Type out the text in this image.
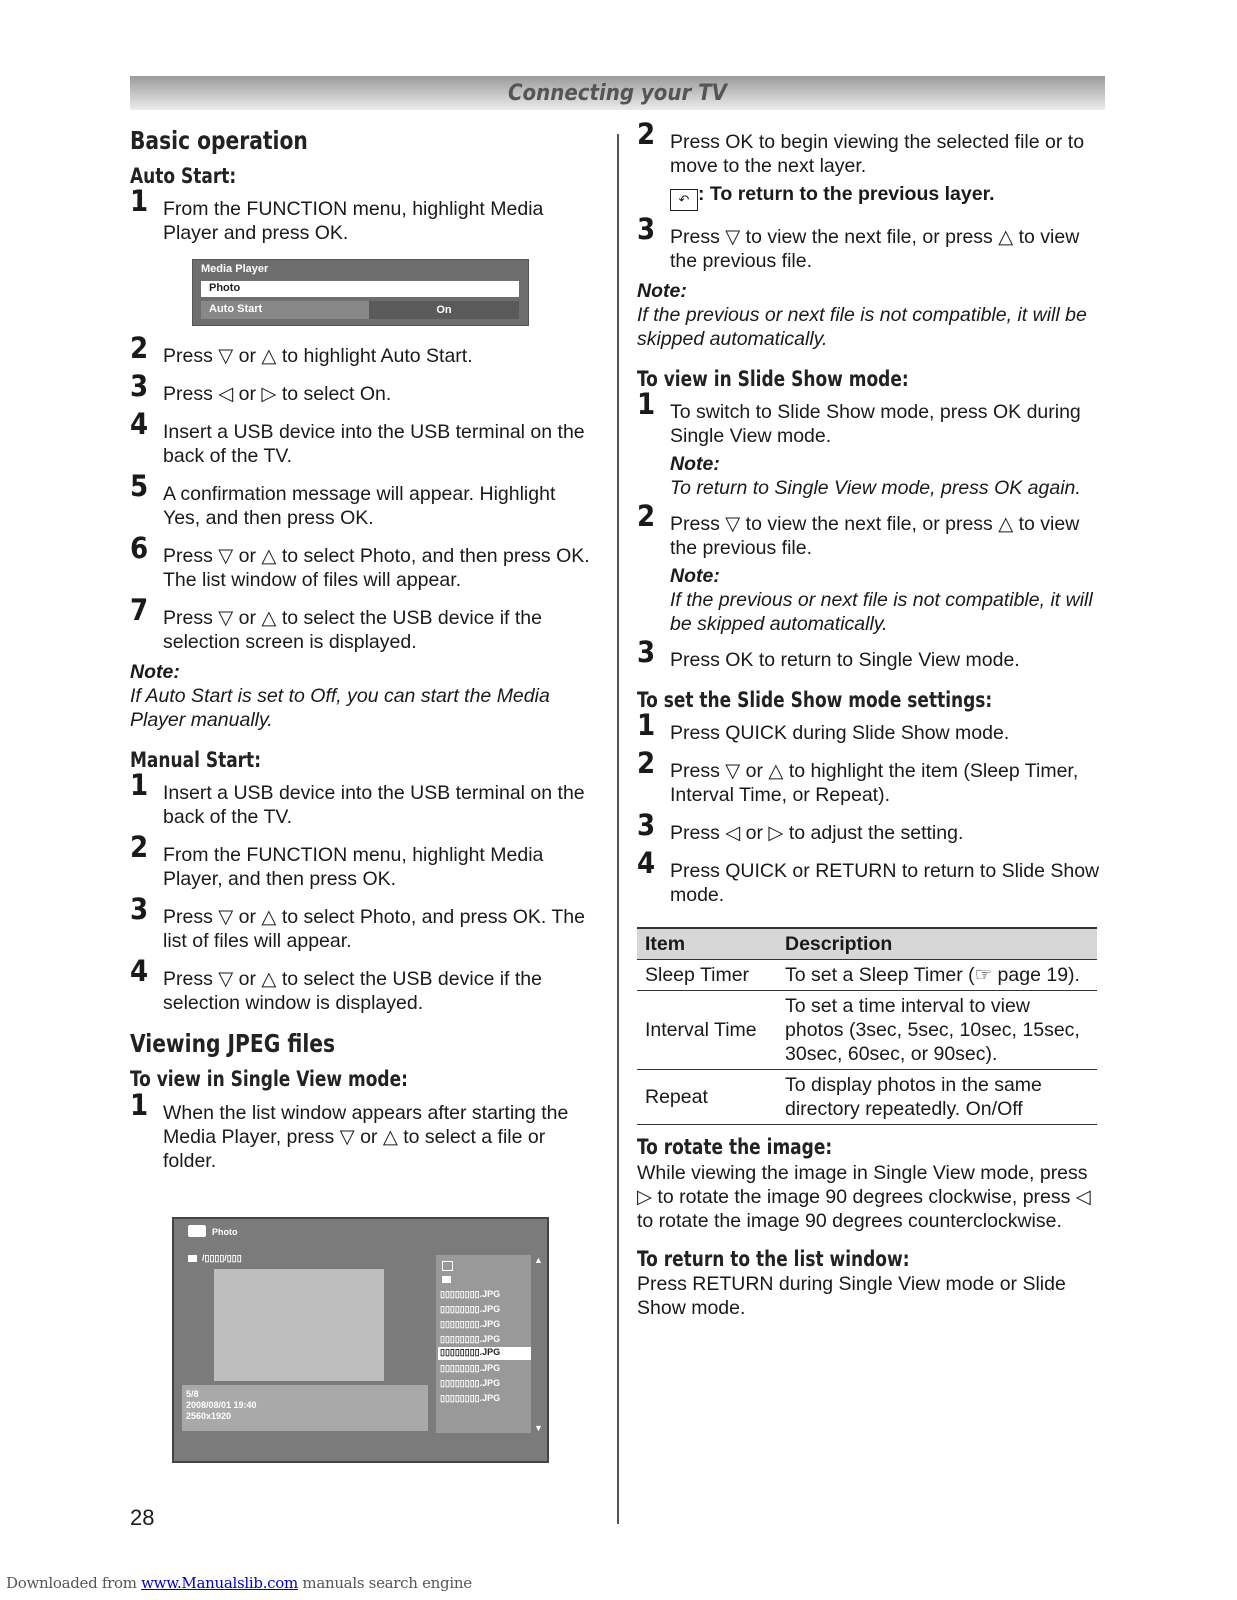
Connecting your TV
Basic operation
Auto Start:
1 From the FUNCTION menu, highlight Media Player and press OK.
Media Player
Photo
Auto Start	On
2 Press ▽ or △ to highlight Auto Start.
3 Press ◁ or ▷ to select On.
4 Insert a USB device into the USB terminal on the back of the TV.
5 A confirmation message will appear. Highlight Yes, and then press OK.
6 Press ▽ or △ to select Photo, and then press OK. The list window of files will appear.
7 Press ▽ or △ to select the USB device if the selection screen is displayed.
Note:
If Auto Start is set to Off, you can start the Media Player manually.
Manual Start:
1 Insert a USB device into the USB terminal on the back of the TV.
2 From the FUNCTION menu, highlight Media Player, and then press OK.
3 Press ▽ or △ to select Photo, and press OK. The list of files will appear.
4 Press ▽ or △ to select the USB device if the selection window is displayed.
Viewing JPEG files
To view in Single View mode:
1 When the list window appears after starting the Media Player, press ▽ or △ to select a file or folder.
Photo
/▯▯▯▯/▯▯▯
5/8
2008/08/01 19:40
2560x1920
▯▯▯▯▯▯▯▯.JPG
▯▯▯▯▯▯▯▯.JPG
▯▯▯▯▯▯▯▯.JPG
▯▯▯▯▯▯▯▯.JPG
▯▯▯▯▯▯▯▯.JPG
▯▯▯▯▯▯▯▯.JPG
▯▯▯▯▯▯▯▯.JPG
▯▯▯▯▯▯▯▯.JPG
▲
▼
2 Press OK to begin viewing the selected file or to move to the next layer.
↶ : To return to the previous layer.
3 Press ▽ to view the next file, or press △ to view the previous file.
Note:
If the previous or next file is not compatible, it will be skipped automatically.
To view in Slide Show mode:
1 To switch to Slide Show mode, press OK during Single View mode.
Note:
To return to Single View mode, press OK again.
2 Press ▽ to view the next file, or press △ to view the previous file.
Note:
If the previous or next file is not compatible, it will be skipped automatically.
3 Press OK to return to Single View mode.
To set the Slide Show mode settings:
1 Press QUICK during Slide Show mode.
2 Press ▽ or △ to highlight the item (Sleep Timer, Interval Time, or Repeat).
3 Press ◁ or ▷ to adjust the setting.
4 Press QUICK or RETURN to return to Slide Show mode.
Item	Description
Sleep Timer	To set a Sleep Timer (☞ page 19).
Interval Time	To set a time interval to view photos (3sec, 5sec, 10sec, 15sec, 30sec, 60sec, or 90sec).
Repeat	To display photos in the same directory repeatedly. On/Off
To rotate the image:
While viewing the image in Single View mode, press ▷ to rotate the image 90 degrees clockwise, press ◁ to rotate the image 90 degrees counterclockwise.
To return to the list window:
Press RETURN during Single View mode or Slide Show mode.
28
Downloaded from www.Manualslib.com manuals search engine
